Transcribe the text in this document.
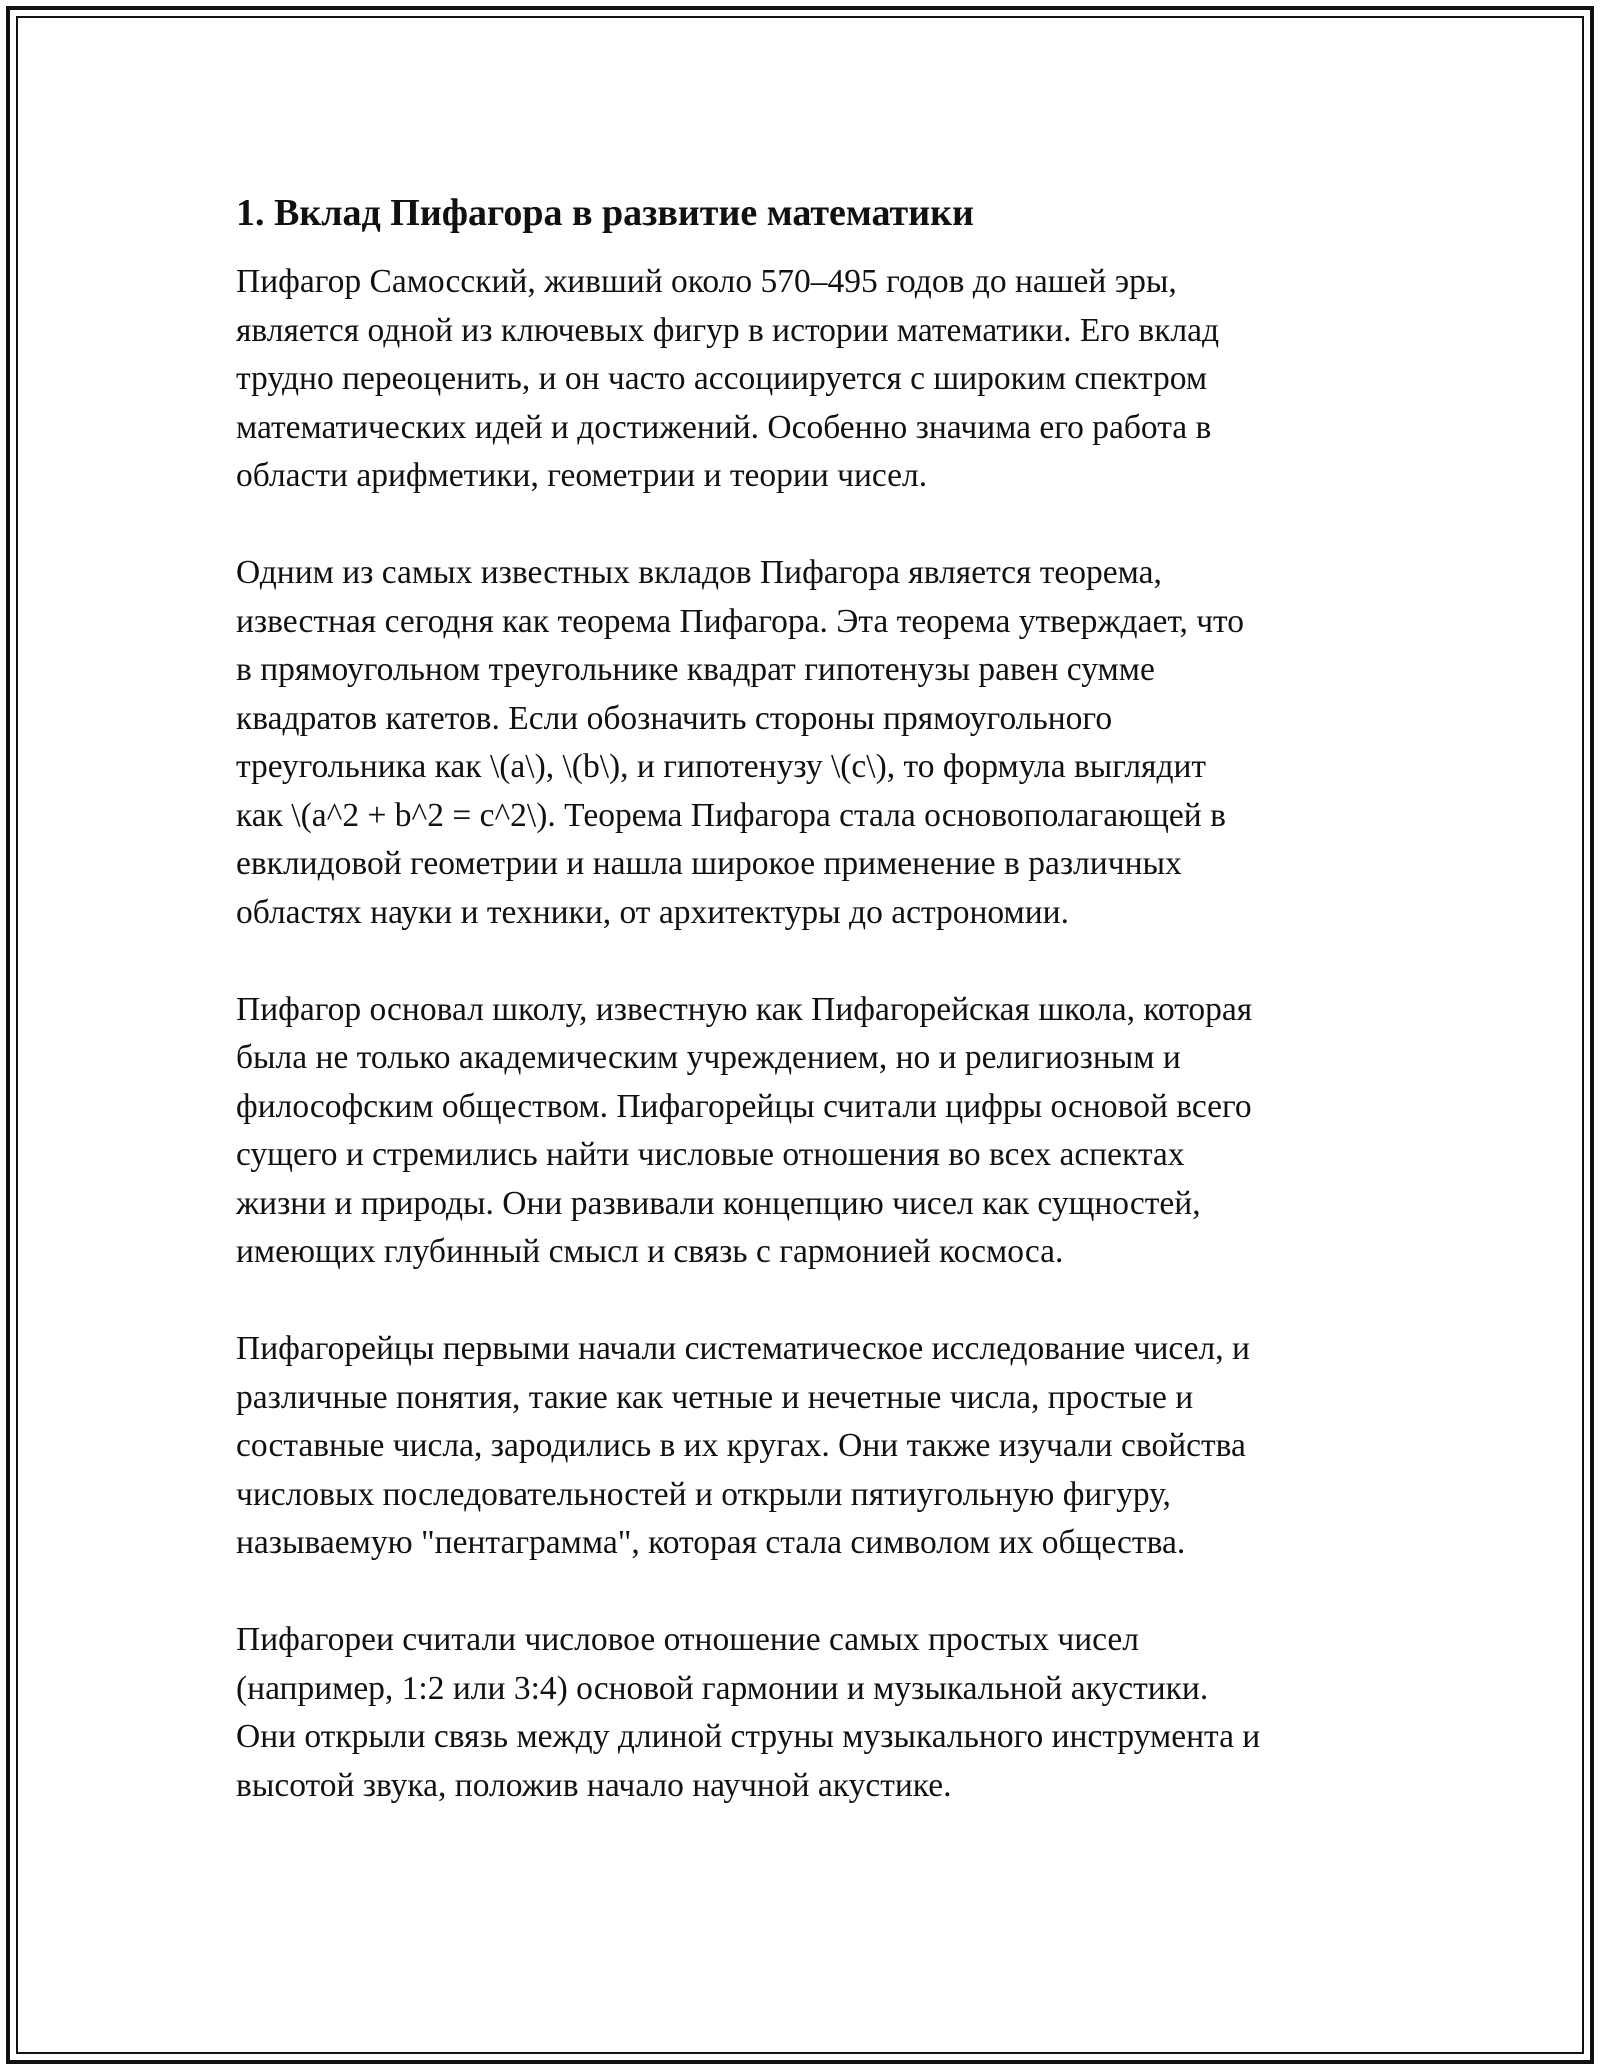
1. Вклад Пифагора в развитие математики

Пифагор Самосский, живший около 570–495 годов до нашей эры,
является одной из ключевых фигур в истории математики. Его вклад
трудно переоценить, и он часто ассоциируется с широким спектром
математических идей и достижений. Особенно значима его работа в
области арифметики, геометрии и теории чисел.

Одним из самых известных вкладов Пифагора является теорема,
известная сегодня как теорема Пифагора. Эта теорема утверждает, что
в прямоугольном треугольнике квадрат гипотенузы равен сумме
квадратов катетов. Если обозначить стороны прямоугольного
треугольника как \(a\), \(b\), и гипотенузу \(c\), то формула выглядит
как \(a^2 + b^2 = c^2\). Теорема Пифагора стала основополагающей в
евклидовой геометрии и нашла широкое применение в различных
областях науки и техники, от архитектуры до астрономии.

Пифагор основал школу, известную как Пифагорейская школа, которая
была не только академическим учреждением, но и религиозным и
философским обществом. Пифагорейцы считали цифры основой всего
сущего и стремились найти числовые отношения во всех аспектах
жизни и природы. Они развивали концепцию чисел как сущностей,
имеющих глубинный смысл и связь с гармонией космоса.

Пифагорейцы первыми начали систематическое исследование чисел, и
различные понятия, такие как четные и нечетные числа, простые и
составные числа, зародились в их кругах. Они также изучали свойства
числовых последовательностей и открыли пятиугольную фигуру,
называемую "пентаграмма", которая стала символом их общества.

Пифагореи считали числовое отношение самых простых чисел
(например, 1:2 или 3:4) основой гармонии и музыкальной акустики.
Они открыли связь между длиной струны музыкального инструмента и
высотой звука, положив начало научной акустике.
